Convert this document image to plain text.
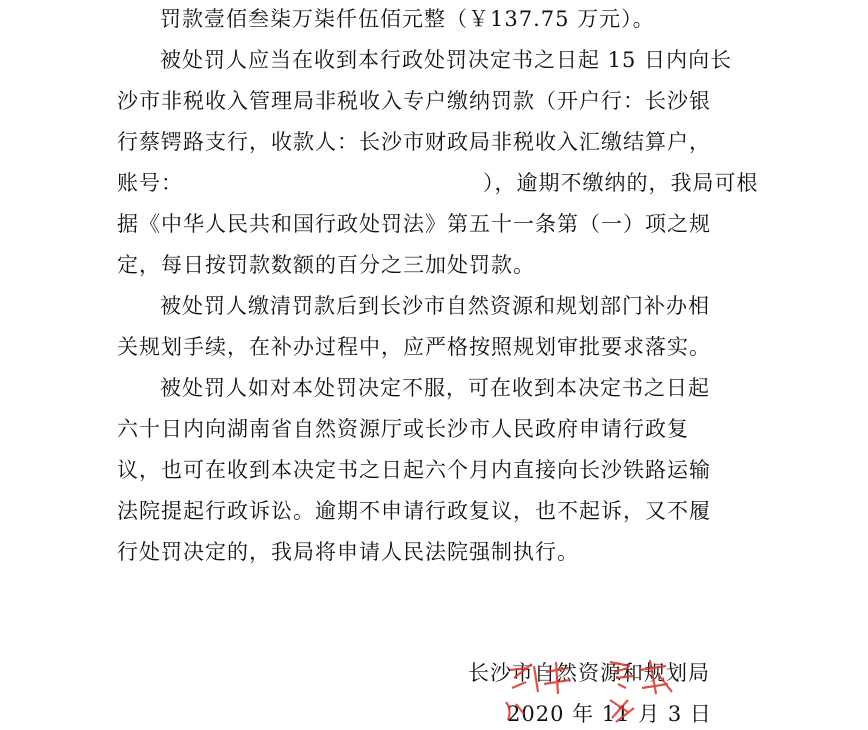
罚款壹佰叁柒万柒仟伍佰元整（￥137.75 万元）。
被处罚人应当在收到本行政处罚决定书之日起 15 日内向长
沙市非税收入管理局非税收入专户缴纳罚款（开户行：长沙银
行蔡锷路支行，收款人：长沙市财政局非税收入汇缴结算户，
账号：	），逾期不缴纳的，我局可根
据《中华人民共和国行政处罚法》第五十一条第（一）项之规
定，每日按罚款数额的百分之三加处罚款。
被处罚人缴清罚款后到长沙市自然资源和规划部门补办相
关规划手续，在补办过程中，应严格按照规划审批要求落实。
被处罚人如对本处罚决定不服，可在收到本决定书之日起
六十日内向湖南省自然资源厅或长沙市人民政府申请行政复
议，也可在收到本决定书之日起六个月内直接向长沙铁路运输
法院提起行政诉讼。逾期不申请行政复议，也不起诉，又不履
行处罚决定的，我局将申请人民法院强制执行。
长沙市自然资源和规划局
2020 年 11 月 3 日
